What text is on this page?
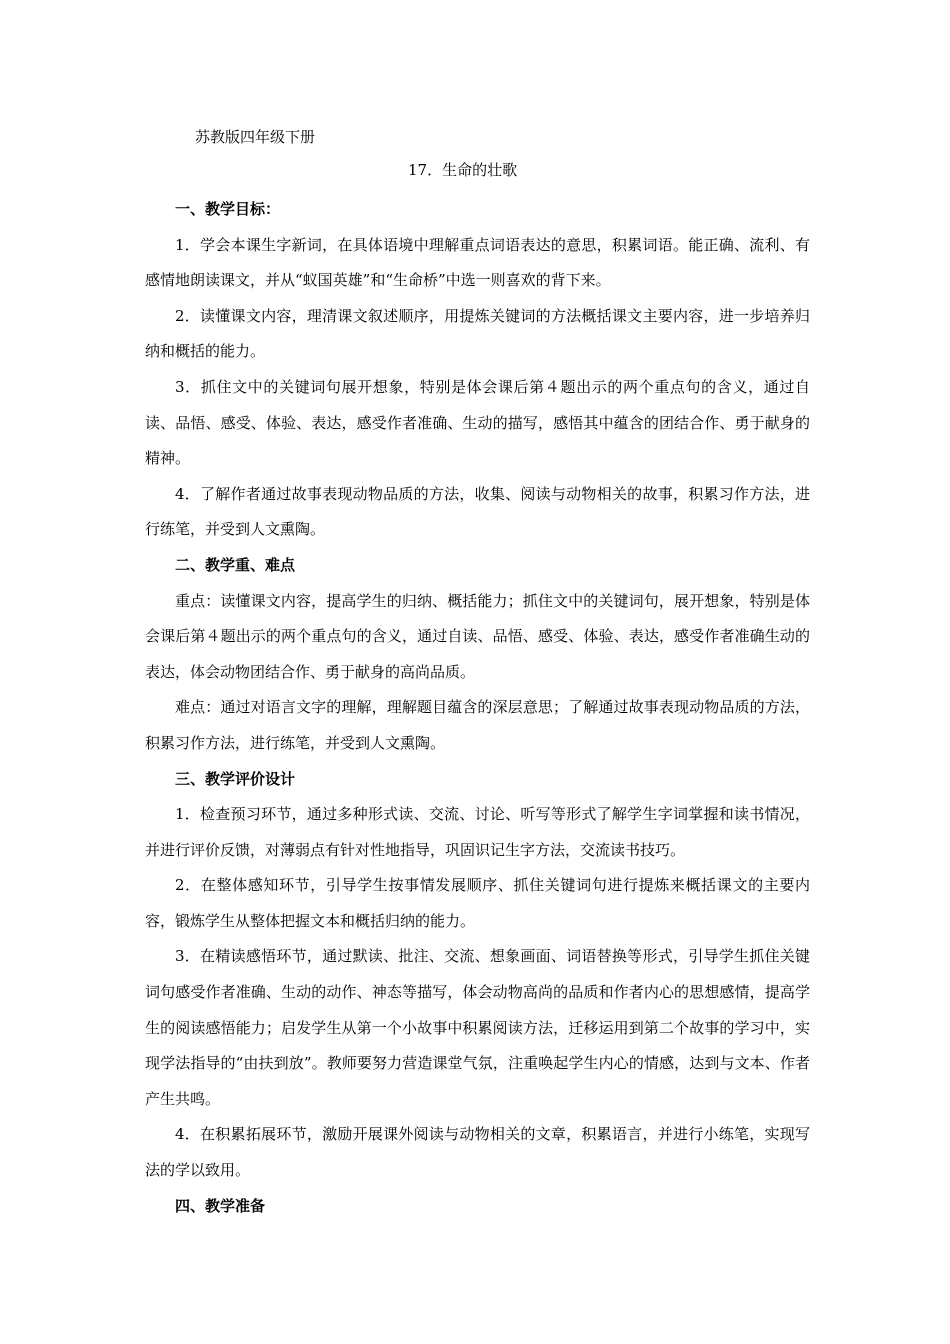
苏教版四年级下册
17．生命的壮歌

一、教学目标：

1．学会本课生字新词，在具体语境中理解重点词语表达的意思，积累词语。能正确、流利、有感情地朗读课文，并从“蚁国英雄”和“生命桥”中选一则喜欢的背下来。

2．读懂课文内容，理清课文叙述顺序，用提炼关键词的方法概括课文主要内容，进一步培养归纳和概括的能力。

3．抓住文中的关键词句展开想象，特别是体会课后第４题出示的两个重点句的含义，通过自读、品悟、感受、体验、表达，感受作者准确、生动的描写，感悟其中蕴含的团结合作、勇于献身的精神。

4．了解作者通过故事表现动物品质的方法，收集、阅读与动物相关的故事，积累习作方法，进行练笔，并受到人文熏陶。

二、教学重、难点

重点：读懂课文内容，提高学生的归纳、概括能力；抓住文中的关键词句，展开想象，特别是体会课后第４题出示的两个重点句的含义，通过自读、品悟、感受、体验、表达，感受作者准确生动的表达，体会动物团结合作、勇于献身的高尚品质。

难点：通过对语言文字的理解，理解题目蕴含的深层意思；了解通过故事表现动物品质的方法，积累习作方法，进行练笔，并受到人文熏陶。

三、教学评价设计

1．检查预习环节，通过多种形式读、交流、讨论、听写等形式了解学生字词掌握和读书情况，并进行评价反馈，对薄弱点有针对性地指导，巩固识记生字方法，交流读书技巧。

2．在整体感知环节，引导学生按事情发展顺序、抓住关键词句进行提炼来概括课文的主要内容，锻炼学生从整体把握文本和概括归纳的能力。

3．在精读感悟环节，通过默读、批注、交流、想象画面、词语替换等形式，引导学生抓住关键词句感受作者准确、生动的动作、神态等描写，体会动物高尚的品质和作者内心的思想感情，提高学生的阅读感悟能力；启发学生从第一个小故事中积累阅读方法，迁移运用到第二个故事的学习中，实现学法指导的“由扶到放”。教师要努力营造课堂气氛，注重唤起学生内心的情感，达到与文本、作者产生共鸣。

4．在积累拓展环节，激励开展课外阅读与动物相关的文章，积累语言，并进行小练笔，实现写法的学以致用。

四、教学准备
